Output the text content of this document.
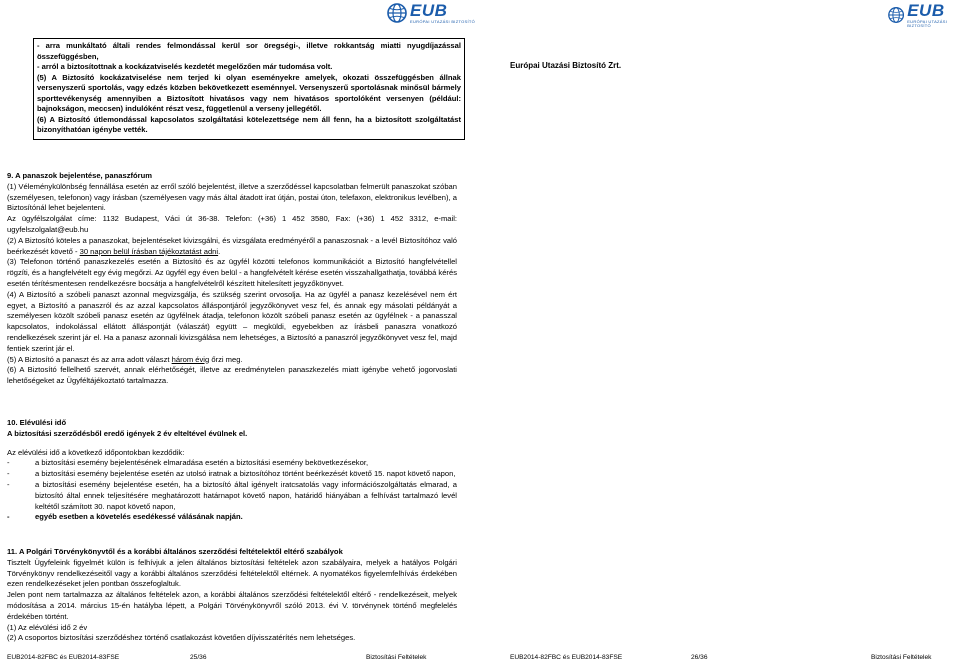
EUB
EURÓPAI UTAZÁSI BIZTOSÍTÓ

- arra munkáltató általi rendes felmondással kerül sor öregségi-, illetve rokkantság miatti nyugdíjazással összefüggésben,

- arról a biztosítottnak a kockázatviselés kezdetét megelőzően már tudomása volt.

(5) A Biztosító kockázatviselése nem terjed ki olyan eseményekre amelyek, okozati összefüggésben állnak versenyszerű sportolás, vagy edzés közben bekövetkezett eseménnyel. Versenyszerű sportolásnak minősül bármely sporttevékenység amennyiben a Biztosított hivatásos vagy nem hivatásos sportolóként versenyen (például: bajnokságon, meccsen) indulóként részt vesz, függetlenül a verseny jellegétől.

(6) A Biztosító útlemondással kapcsolatos szolgáltatási kötelezettsége nem áll fenn, ha a biztosított szolgáltatást bizonyíthatóan igénybe vették.

9. A panaszok bejelentése, panaszfórum

(1) Véleménykülönbség fennállása esetén az erről szóló bejelentést, illetve a szerződéssel kapcsolatban felmerült panaszokat szóban (személyesen, telefonon) vagy írásban (személyesen vagy más által átadott irat útján, postai úton, telefaxon, elektronikus levélben), a Biztosítónál lehet bejelenteni.

Az ügyfélszolgálat címe: 1132 Budapest, Váci út 36-38. Telefon: (+36) 1 452 3580, Fax: (+36) 1 452 3312, e-mail: ugyfelszolgalat@eub.hu

(2) A Biztosító köteles a panaszokat, bejelentéseket kivizsgálni, és vizsgálata eredményéről a panaszosnak - a levél Biztosítóhoz való beérkezését követő - 30 napon belül írásban tájékoztatást adni.

(3) Telefonon történő panaszkezelés esetén a Biztosító és az ügyfél közötti telefonos kommunikációt a Biztosító hangfelvétellel rögzíti, és a hangfelvételt egy évig megőrzi. Az ügyfél egy éven belül - a hangfelvételt kérése esetén visszahallgathatja, továbbá kérés esetén térítésmentesen rendelkezésre bocsátja a hangfelvételről készített hitelesített jegyzőkönyvet.

(4) A Biztosító a szóbeli panaszt azonnal megvizsgálja, és szükség szerint orvosolja. Ha az ügyfél a panasz kezelésével nem ért egyet, a Biztosító a panaszról és az azzal kapcsolatos álláspontjáról jegyzőkönyvet vesz fel, és annak egy másolati példányát a személyesen közölt szóbeli panasz esetén az ügyfélnek átadja, telefonon közölt szóbeli panasz esetén az ügyfélnek - a panasszal kapcsolatos, indokolással ellátott álláspontját (válaszát) együtt – megküldi, egyebekben az írásbeli panaszra vonatkozó rendelkezések szerint jár el. Ha a panasz azonnali kivizsgálása nem lehetséges, a Biztosító a panaszról jegyzőkönyvet vesz fel, majd fentiek szerint jár el.

(5) A Biztosító a panaszt és az arra adott választ három évig őrzi meg.

(6) A Biztosító fellelhető szervét, annak elérhetőségét, illetve az eredménytelen panaszkezelés miatt igénybe vehető jogorvoslati lehetőségeket az Ügyféltájékoztató tartalmazza.

10. Elévülési idő

A biztosítási szerződésből eredő igények 2 év elteltével évülnek el.

Az elévülési idő a következő időpontokban kezdődik:

-	a biztosítási esemény bejelentésének elmaradása esetén a biztosítási esemény bekövetkezésekor,
-	a biztosítási esemény bejelentése esetén az utolsó iratnak a biztosítóhoz történt beérkezését követő 15. napot követő napon,
-	a biztosítási esemény bejelentése esetén, ha a biztosító által igényelt iratcsatolás vagy információszolgáltatás elmarad, a biztosító által ennek teljesítésére meghatározott határnapot követő napon, határidő hiányában a felhívást tartalmazó levél keltétől számított 30. napot követő napon,
-	egyéb esetben a követelés esedékessé válásának napján.

11. A Polgári Törvénykönyvtől és a korábbi általános szerződési feltételektől eltérő szabályok

Tisztelt Ügyfeleink figyelmét külön is felhívjuk a jelen általános biztosítási feltételek azon szabályaira, melyek a hatályos Polgári Törvénykönyv rendelkezéseitől vagy a korábbi általános szerződési feltételektől eltérnek. A nyomatékos figyelemfelhívás érdekében ezen rendelkezéseket jelen pontban összefoglaltuk.

Jelen pont nem tartalmazza az általános feltételek azon, a korábbi általános szerződési feltételektől eltérő - rendelkezéseit, melyek módosítása a 2014. március 15-én hatályba lépett, a Polgári Törvénykönyvről szóló 2013. évi V. törvénynek történő megfelelés érdekében történt.

(1) Az elévülési idő 2 év

(2) A csoportos biztosítási szerződéshez történő csatlakozást követően díjvisszatérítés nem lehetséges.

EUB2014-82FBC és EUB2014-83FSE	25/36	Biztosítási Feltételek
EUB
EURÓPAI UTAZÁSI BIZTOSÍTÓ
Európai Utazási Biztosító Zrt.
EUB2014-82FBC és EUB2014-83FSE	26/36	Biztosítási Feltételek
